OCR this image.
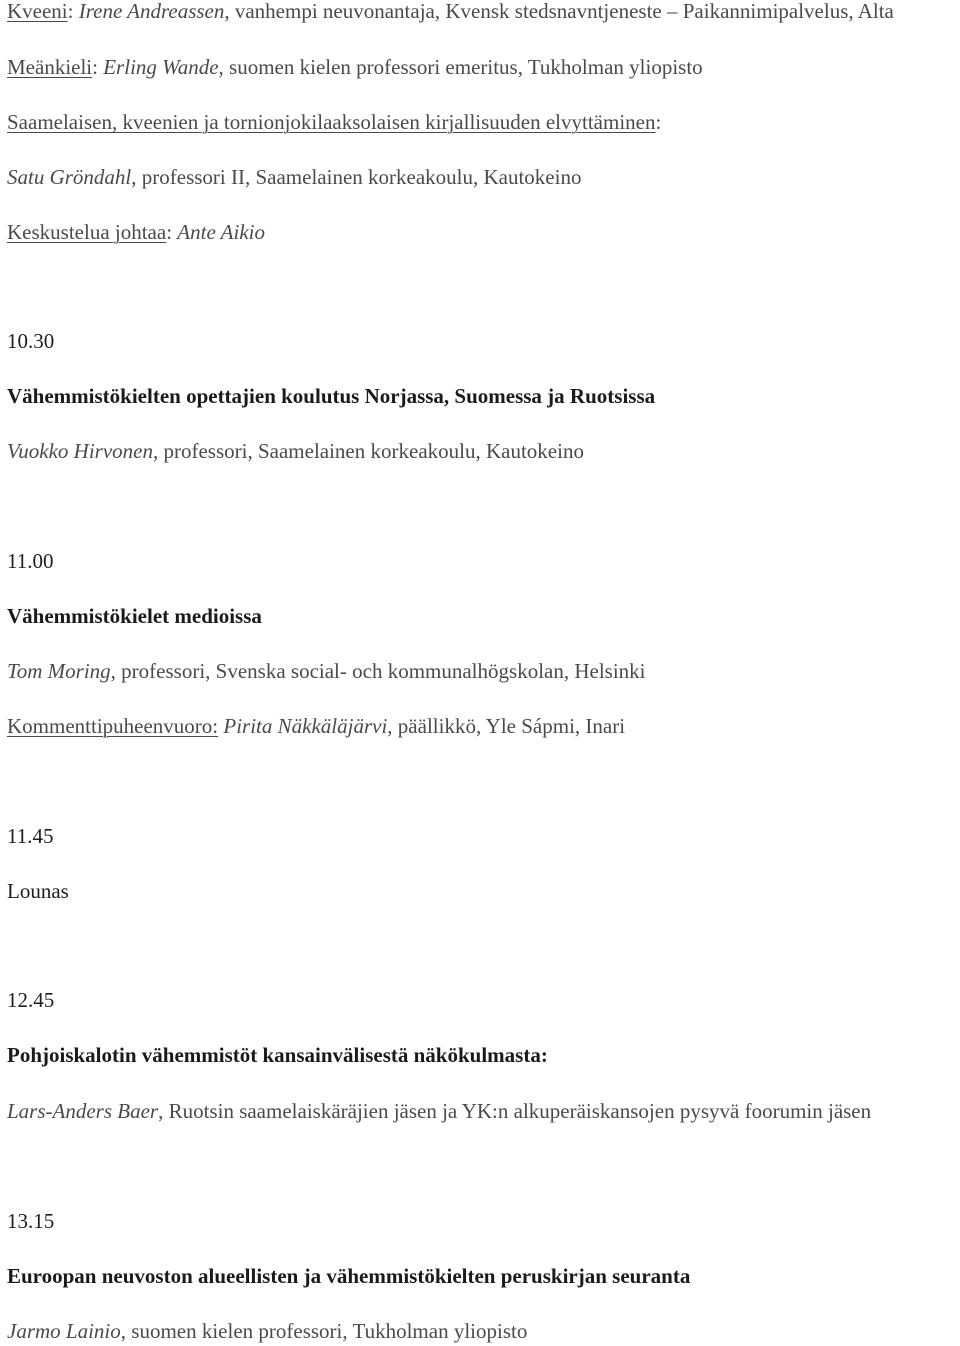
Kveeni: Irene Andreassen, vanhempi neuvonantaja, Kvensk stedsnavntjeneste – Paikannimipalvelus, Alta
Meänkieli: Erling Wande, suomen kielen professori emeritus, Tukholman yliopisto
Saamelaisen, kveenien ja tornionjokilaaksolaisen kirjallisuuden elvyttäminen:
Satu Gröndahl, professori II, Saamelainen korkeakoulu, Kautokeino
Keskustelua johtaa: Ante Aikio
10.30
Vähemmistökielten opettajien koulutus Norjassa, Suomessa ja Ruotsissa
Vuokko Hirvonen, professori, Saamelainen korkeakoulu, Kautokeino
11.00
Vähemmistökielet medioissa
Tom Moring, professori, Svenska social- och kommunalhögskolan, Helsinki
Kommenttipuheenvuoro: Pirita Näkkäläjärvi, päällikkö, Yle Sápmi, Inari
11.45
Lounas
12.45
Pohjoiskalotin vähemmistöt kansainvälisestä näkökulmasta:
Lars-Anders Baer, Ruotsin saamelaiskäräjien jäsen ja YK:n alkuperäiskansojen pysyvä foorumin jäsen
13.15
Euroopan neuvoston alueellisten ja vähemmistökielten peruskirjan seuranta
Jarmo Lainio, suomen kielen professori, Tukholman yliopisto
